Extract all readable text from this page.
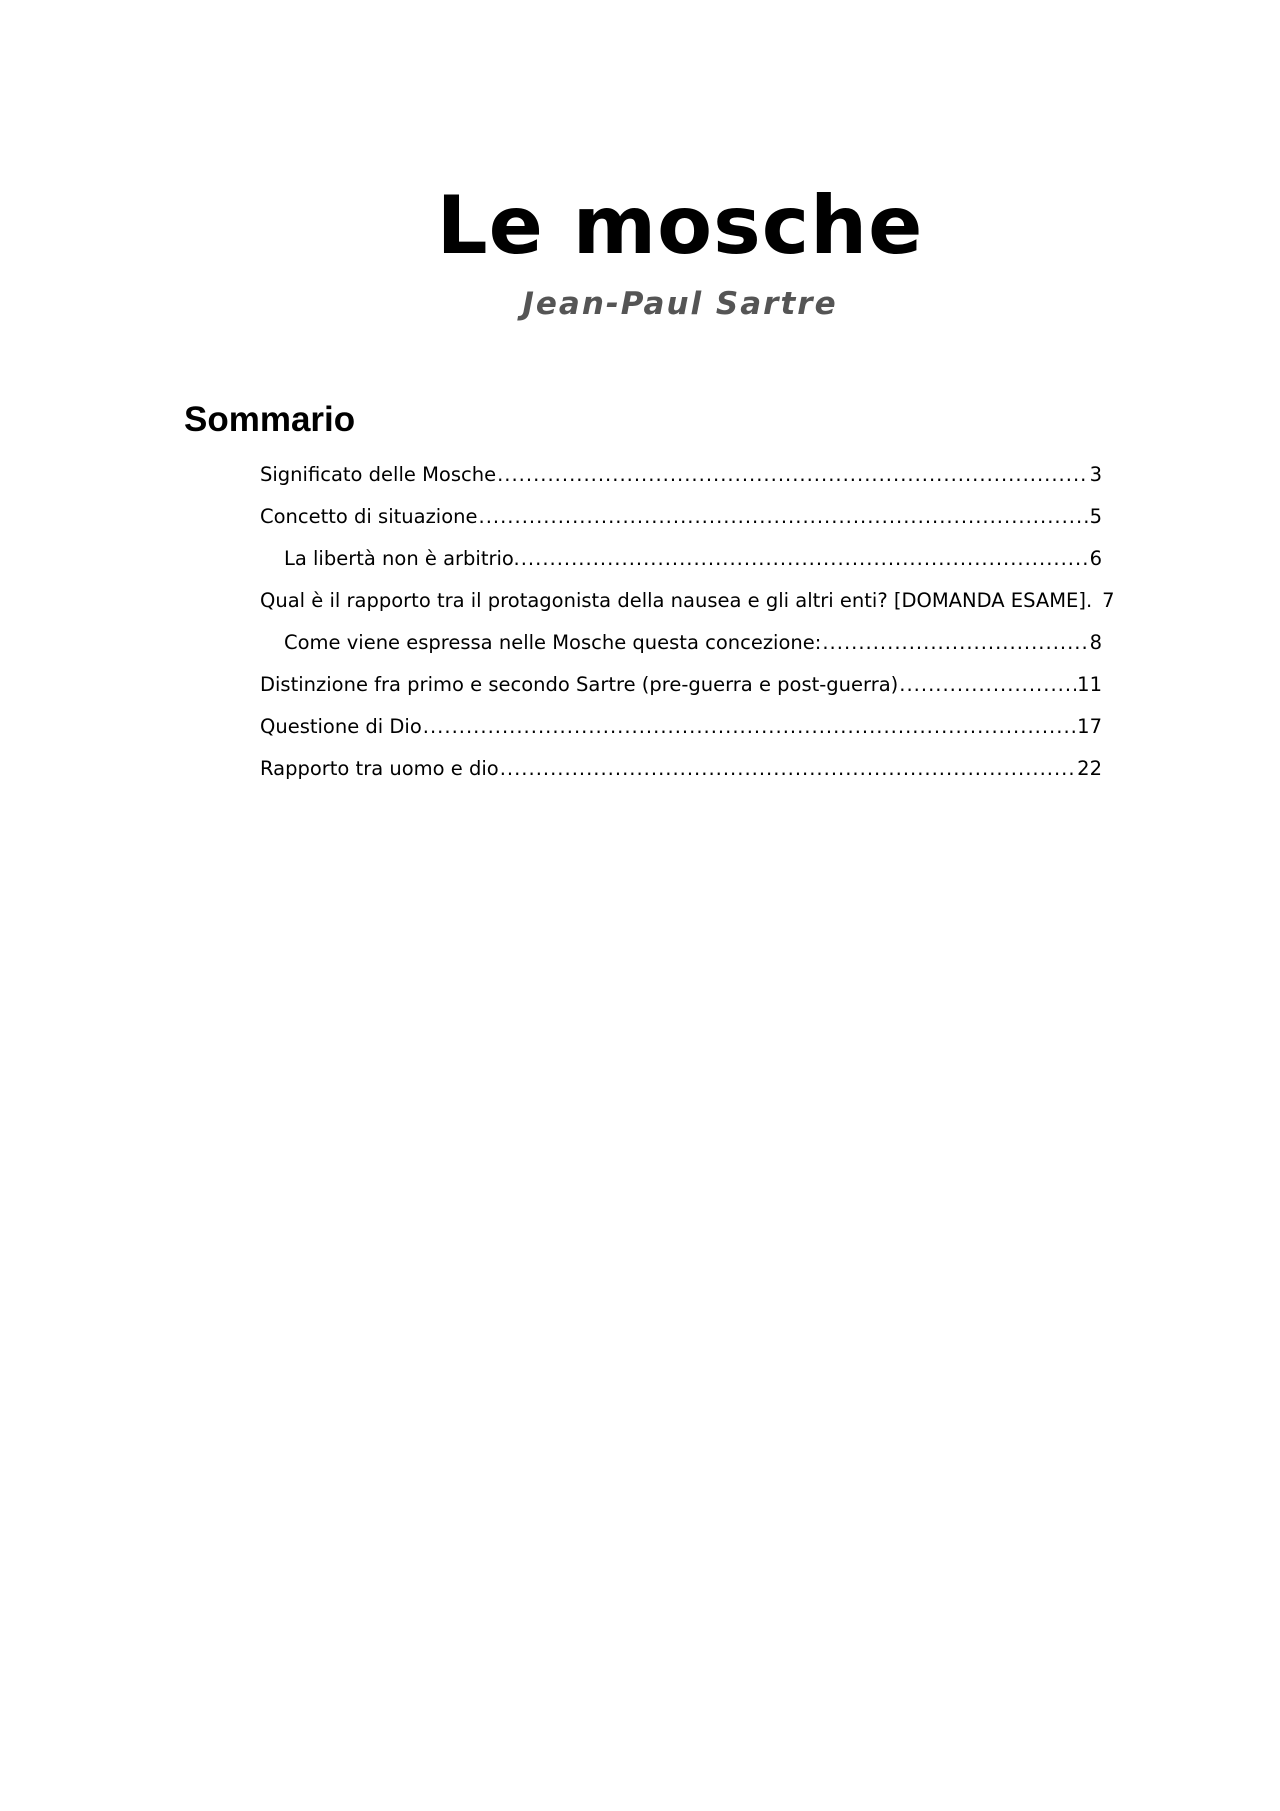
Le mosche
Jean-Paul Sartre
Sommario
Significato delle Mosche .....	3
Concetto di situazione .....	5
La libertà non è arbitrio. .....	6
Qual è il rapporto tra il protagonista della nausea e gli altri enti? [DOMANDA ESAME]. 7
Come viene espressa nelle Mosche questa concezione: .....	8
Distinzione fra primo e secondo Sartre (pre-guerra e post-guerra) .....	11
Questione di Dio .....	17
Rapporto tra uomo e dio .....	22
